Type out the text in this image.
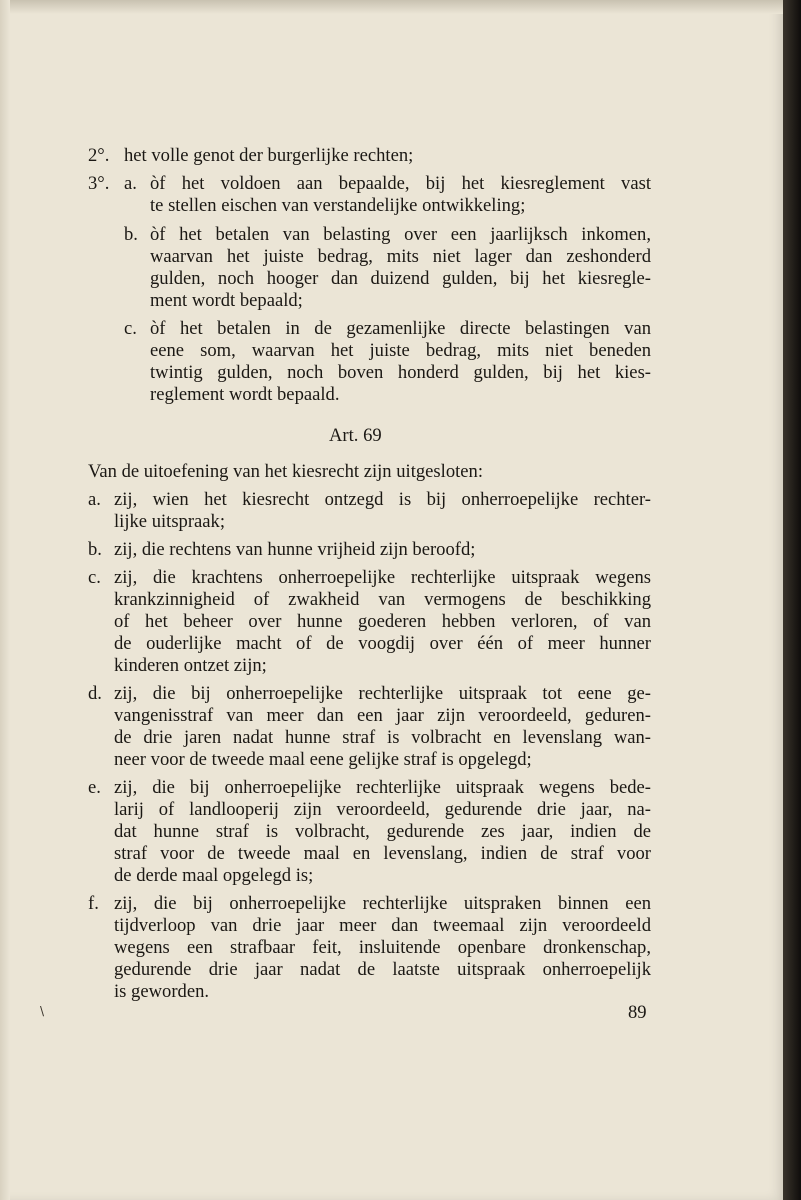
2°. het volle genot der burgerlijke rechten;
3°. a. òf het voldoen aan bepaalde, bij het kiesreglement vast
te stellen eischen van verstandelijke ontwikkeling;
b. òf het betalen van belasting over een jaarlijksch inkomen,
waarvan het juiste bedrag, mits niet lager dan zeshonderd
gulden, noch hooger dan duizend gulden, bij het kiesregle-
ment wordt bepaald;
c. òf het betalen in de gezamenlijke directe belastingen van
eene som, waarvan het juiste bedrag, mits niet beneden
twintig gulden, noch boven honderd gulden, bij het kies-
reglement wordt bepaald.
Art. 69
Van de uitoefening van het kiesrecht zijn uitgesloten:
a. zij, wien het kiesrecht ontzegd is bij onherroepelijke rechter-
lijke uitspraak;
b. zij, die rechtens van hunne vrijheid zijn beroofd;
c. zij, die krachtens onherroepelijke rechterlijke uitspraak wegens
krankzinnigheid of zwakheid van vermogens de beschikking
of het beheer over hunne goederen hebben verloren, of van
de ouderlijke macht of de voogdij over één of meer hunner
kinderen ontzet zijn;
d. zij, die bij onherroepelijke rechterlijke uitspraak tot eene ge-
vangenisstraf van meer dan een jaar zijn veroordeeld, geduren-
de drie jaren nadat hunne straf is volbracht en levenslang wan-
neer voor de tweede maal eene gelijke straf is opgelegd;
e. zij, die bij onherroepelijke rechterlijke uitspraak wegens bede-
larij of landlooperij zijn veroordeeld, gedurende drie jaar, na-
dat hunne straf is volbracht, gedurende zes jaar, indien de
straf voor de tweede maal en levenslang, indien de straf voor
de derde maal opgelegd is;
f. zij, die bij onherroepelijke rechterlijke uitspraken binnen een
tijdverloop van drie jaar meer dan tweemaal zijn veroordeeld
wegens een strafbaar feit, insluitende openbare dronkenschap,
gedurende drie jaar nadat de laatste uitspraak onherroepelijk
is geworden.
89
\
